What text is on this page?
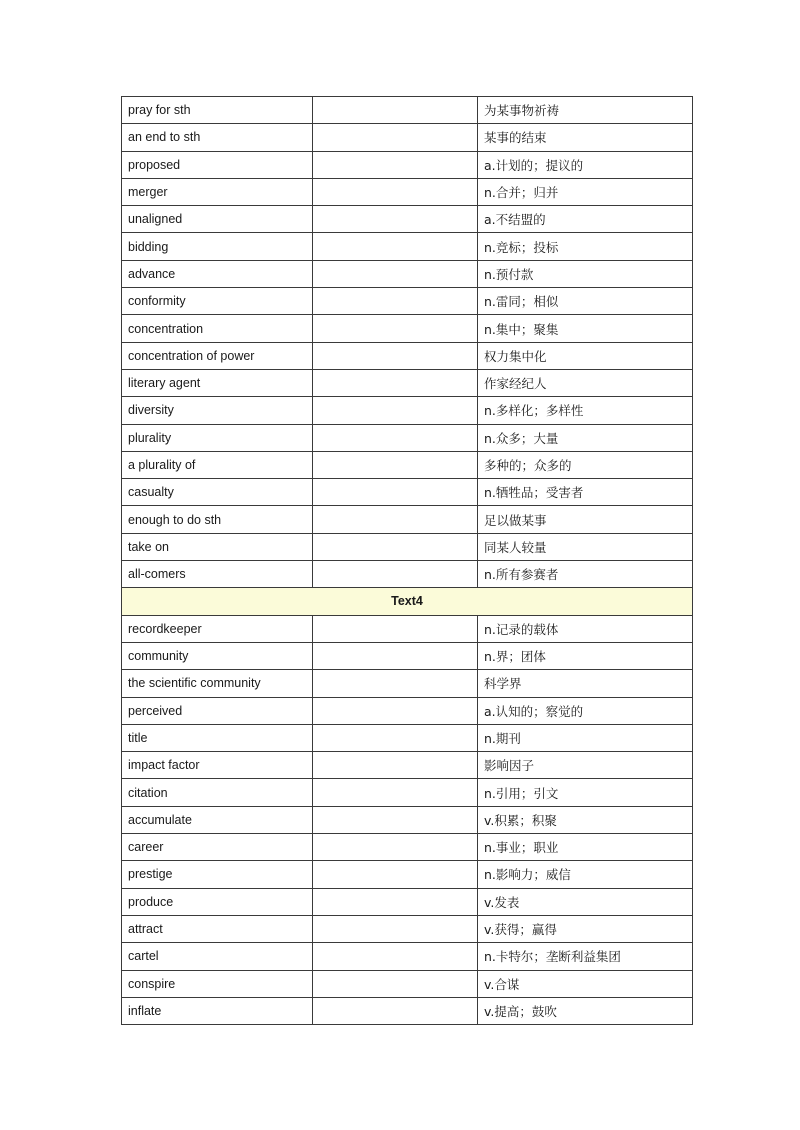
pray for sth		为某事物祈祷
an end to sth		某事的结束
proposed		a.计划的；提议的
merger		n.合并；归并
unaligned		a.不结盟的
bidding		n.竞标；投标
advance		n.预付款
conformity		n.雷同；相似
concentration		n.集中；聚集
concentration of power		权力集中化
literary agent		作家经纪人
diversity		n.多样化；多样性
plurality		n.众多；大量
a plurality of		多种的；众多的
casualty		n.牺牲品；受害者
enough to do sth		足以做某事
take on		同某人较量
all-comers		n.所有参赛者
Text4		
recordkeeper		n.记录的载体
community		n.界；团体
the scientific community		科学界
perceived		a.认知的；察觉的
title		n.期刊
impact factor		影响因子
citation		n.引用；引文
accumulate		v.积累；积聚
career		n.事业；职业
prestige		n.影响力；威信
produce		v.发表
attract		v.获得；赢得
cartel		n.卡特尔；垄断利益集团
conspire		v.合谋
inflate		v.提高；鼓吹
